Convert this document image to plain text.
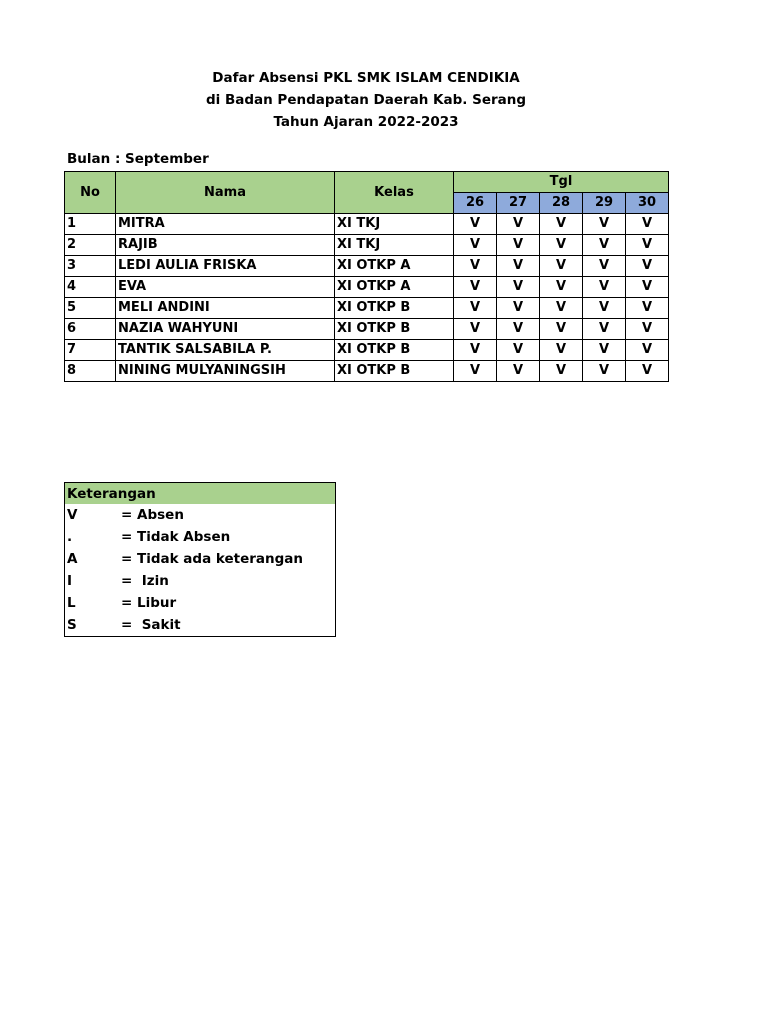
Dafar Absensi PKL SMK ISLAM CENDIKIA
di Badan Pendapatan Daerah Kab. Serang
Tahun Ajaran 2022-2023
Bulan : September
No	Nama	Kelas	Tgl				
			26	27	28	29	30
1	MITRA	XI TKJ	V	V	V	V	V
2	RAJIB	XI TKJ	V	V	V	V	V
3	LEDI AULIA FRISKA	XI OTKP A	V	V	V	V	V
4	EVA	XI OTKP A	V	V	V	V	V
5	MELI ANDINI	XI OTKP B	V	V	V	V	V
6	NAZIA WAHYUNI	XI OTKP B	V	V	V	V	V
7	TANTIK SALSABILA P.	XI OTKP B	V	V	V	V	V
8	NINING MULYANINGSIH	XI OTKP B	V	V	V	V	V
Keterangan
V	= Absen
.	= Tidak Absen
A	= Tidak ada keterangan
I	=  Izin
L	= Libur
S	=  Sakit
